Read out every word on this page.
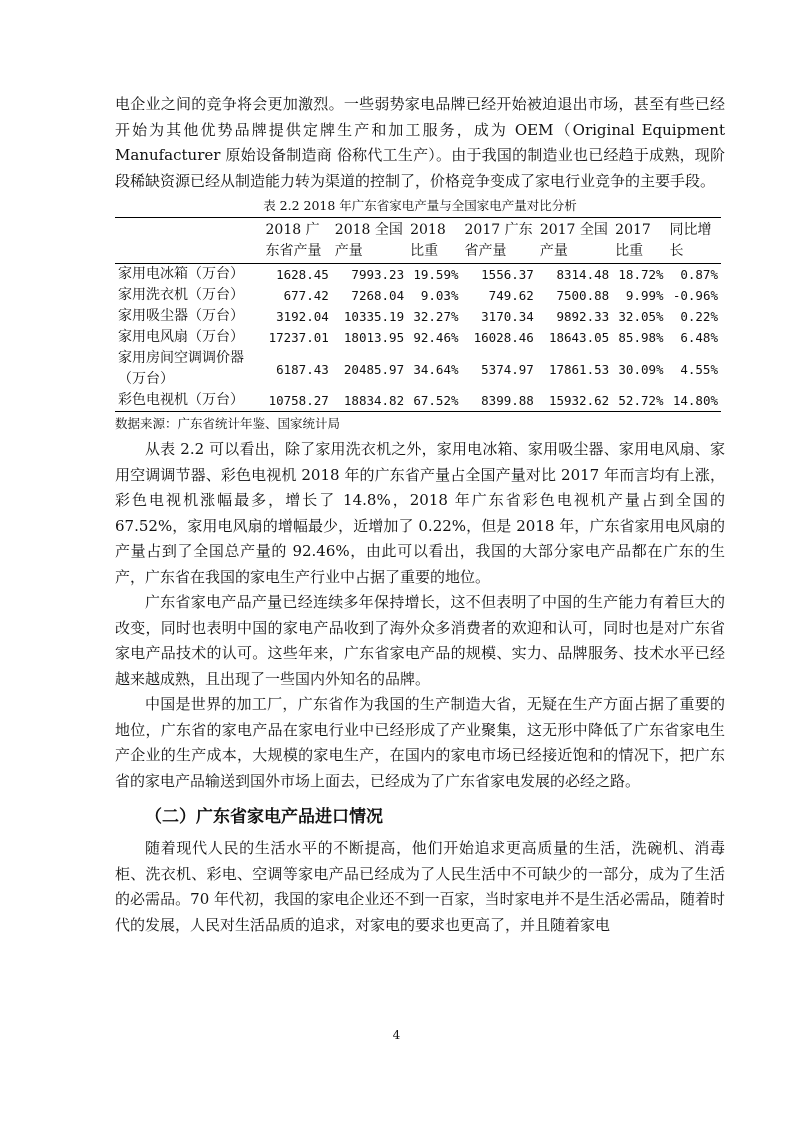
电企业之间的竞争将会更加激烈。一些弱势家电品牌已经开始被迫退出市场，甚至有些已经开始为其他优势品牌提供定牌生产和加工服务，成为 OEM（Original Equipment Manufacturer 原始设备制造商 俗称代工生产）。由于我国的制造业也已经趋于成熟，现阶段稀缺资源已经从制造能力转为渠道的控制了，价格竞争变成了家电行业竞争的主要手段。

表 2.2 2018 年广东省家电产量与全国家电产量对比分析
	2018 广东省产量	2018 全国产量	2018 比重	2017 广东省产量	2017 全国产量	2017 比重	同比增长
家用电冰箱（万台）	1628.45	7993.23	19.59%	1556.37	8314.48	18.72%	0.87%
家用洗衣机（万台）	677.42	7268.04	9.03%	749.62	7500.88	9.99%	-0.96%
家用吸尘器（万台）	3192.04	10335.19	32.27%	3170.34	9892.33	32.05%	0.22%
家用电风扇（万台）	17237.01	18013.95	92.46%	16028.46	18643.05	85.98%	6.48%
家用房间空调调价器（万台）	6187.43	20485.97	34.64%	5374.97	17861.53	30.09%	4.55%
彩色电视机（万台）	10758.27	18834.82	67.52%	8399.88	15932.62	52.72%	14.80%
数据来源：广东省统计年鉴、国家统计局

从表 2.2 可以看出，除了家用洗衣机之外，家用电冰箱、家用吸尘器、家用电风扇、家用空调调节器、彩色电视机 2018 年的广东省产量占全国产量对比 2017 年而言均有上涨，彩色电视机涨幅最多，增长了 14.8%，2018 年广东省彩色电视机产量占到全国的 67.52%，家用电风扇的增幅最少，近增加了 0.22%，但是 2018 年，广东省家用电风扇的产量占到了全国总产量的 92.46%，由此可以看出，我国的大部分家电产品都在广东的生产，广东省在我国的家电生产行业中占据了重要的地位。

广东省家电产品产量已经连续多年保持增长，这不但表明了中国的生产能力有着巨大的改变，同时也表明中国的家电产品收到了海外众多消费者的欢迎和认可，同时也是对广东省家电产品技术的认可。这些年来，广东省家电产品的规模、实力、品牌服务、技术水平已经越来越成熟，且出现了一些国内外知名的品牌。

中国是世界的加工厂，广东省作为我国的生产制造大省，无疑在生产方面占据了重要的地位，广东省的家电产品在家电行业中已经形成了产业聚集，这无形中降低了广东省家电生产企业的生产成本，大规模的家电生产，在国内的家电市场已经接近饱和的情况下，把广东省的家电产品输送到国外市场上面去，已经成为了广东省家电发展的必经之路。

（二）广东省家电产品进口情况

随着现代人民的生活水平的不断提高，他们开始追求更高质量的生活，洗碗机、消毒柜、洗衣机、彩电、空调等家电产品已经成为了人民生活中不可缺少的一部分，成为了生活的必需品。70 年代初，我国的家电企业还不到一百家，当时家电并不是生活必需品，随着时代的发展，人民对生活品质的追求，对家电的要求也更高了，并且随着家电

4
